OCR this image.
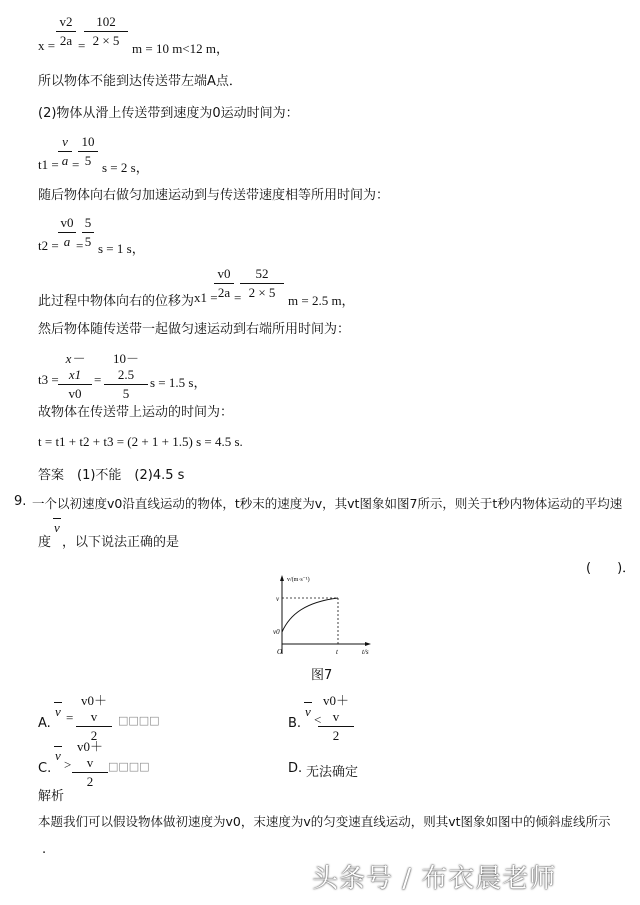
$x = \frac{v2}{2a}$ =
$\frac{102}{2 \times 5}$ m = 10 m<12 m，
所以物体不能到达传送带左端A点．
(2)物体从滑上传送带到速度为0运动时间为：
$t1 = \frac{v}{a}$ =
$\frac{10}{5}$ s = 2 s，
随后物体向右做匀加速运动到与传送带速度相等所用时间为：
$t2 = \frac{v0}{a}$ =
$\frac{5}{5}$ s = 1 s，
此过程中物体向右的位移为 x1 =
$\frac{v0}{2a}$ =
$\frac{52}{2 \times 5}$ m = 2.5 m，
然后物体随传送带一起做匀速运动到右端所用时间为：
$t3 = \frac{x-x1}{v0} = \frac{10-2.5}{5}$ s = 1.5 s，
故物体在传送带上运动的时间为：
t = t1 + t2 + t3 = (2 + 1 + 1.5) s = 4.5 s.
答案　(1)不能　(2)4.5 s
9. 一个以初速度v0沿直线运动的物体，t秒末的速度为v，其vt图象如图7所示，则关于t秒内物体运动的平均速
度
v
，以下说法正确的是
(　　)．
v/(m·s⁻¹)
t/s
v
v0
O	t
图7
A.
$v = \frac{v0+v}{2}$ □□□□	B.
v
<
$\frac{v0+v}{2}$
C.
v
> $\frac{v0+v}{2}$ □□□□	D. 无法确定
解析
本题我们可以假设物体做初速度为v0，末速度为v的匀变速直线运动，则其vt图象如图中的倾斜虚线所示
.
头条号 / 布衣晨老师
